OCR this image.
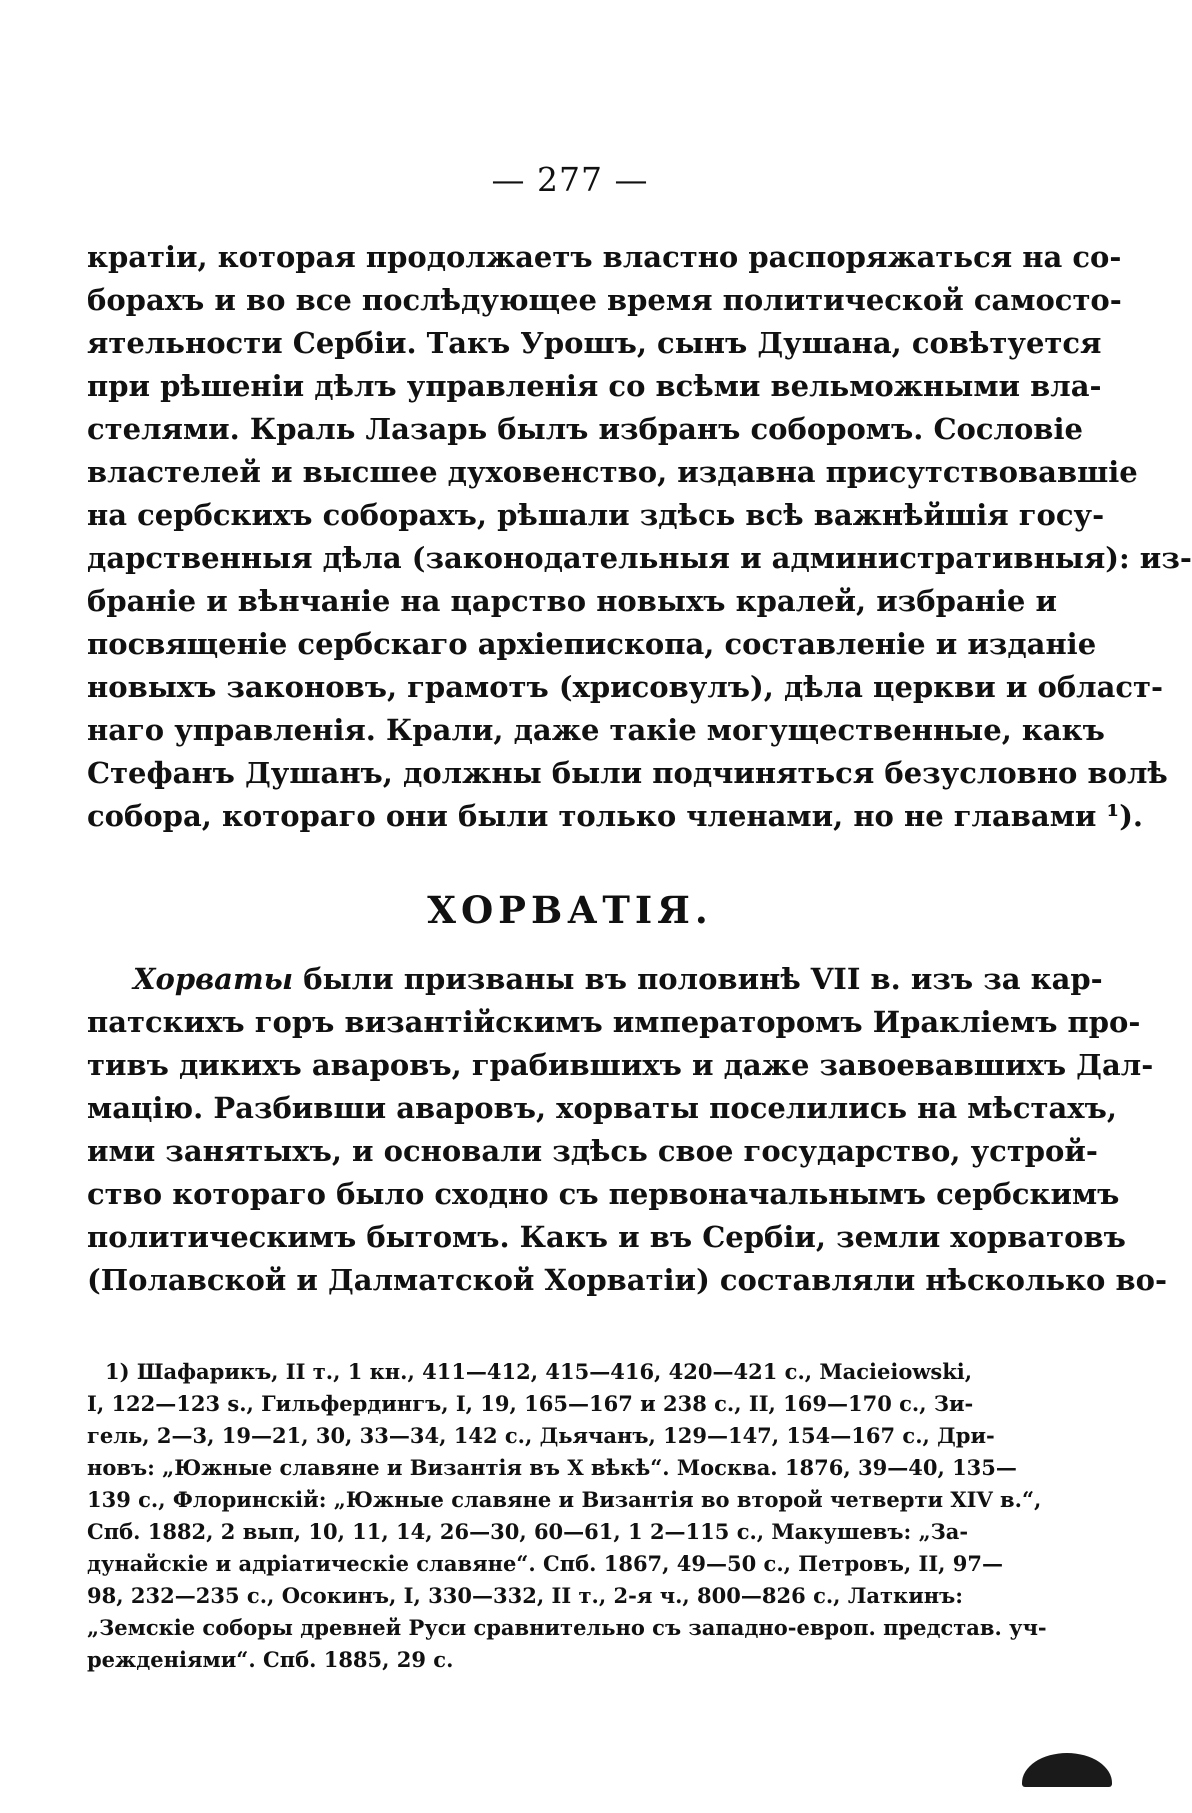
— 277 —
кратіи, которая продолжаетъ властно распоряжаться на со-
борахъ и во все послѣдующее время политической самосто-
ятельности Сербіи. Такъ Урошъ, сынъ Душана, совѣтуется
при рѣшеніи дѣлъ управленія со всѣми вельможными вла-
стелями. Краль Лазарь былъ избранъ соборомъ. Сословіе
властелей и высшее духовенство, издавна присутствовавшіе
на сербскихъ соборахъ, рѣшали здѣсь всѣ важнѣйшія госу-
дарственныя дѣла (законодательныя и административныя): из-
браніе и вѣнчаніе на царство новыхъ кралей, избраніе и
посвященіе сербскаго архіепископа, составленіе и изданіе
новыхъ законовъ, грамотъ (хрисовулъ), дѣла церкви и област-
наго управленія. Крали, даже такіе могущественные, какъ
Стефанъ Душанъ, должны были подчиняться безусловно волѣ
собора, котораго они были только членами, но не главами ¹).
ХОРВАТІЯ.
Хорваты были призваны въ половинѣ VII в. изъ за кар-
патскихъ горъ византійскимъ императоромъ Иракліемъ про-
тивъ дикихъ аваровъ, грабившихъ и даже завоевавшихъ Дал-
мацію. Разбивши аваровъ, хорваты поселились на мѣстахъ,
ими занятыхъ, и основали здѣсь свое государство, устрой-
ство котораго было сходно съ первоначальнымъ сербскимъ
политическимъ бытомъ. Какъ и въ Сербіи, земли хорватовъ
(Полавской и Далматской Хорватіи) составляли нѣсколько во-
1) Шафарикъ, II т., 1 кн., 411—412, 415—416, 420—421 с., Macieiowski,
I, 122—123 s., Гильфердингъ, I, 19, 165—167 и 238 с., II, 169—170 с., Зи-
гель, 2—3, 19—21, 30, 33—34, 142 с., Дьячанъ, 129—147, 154—167 с., Дри-
новъ: „Южные славяне и Византія въ X вѣкѣ“. Москва. 1876, 39—40, 135—
139 с., Флоринскій: „Южные славяне и Византія во второй четверти XIV в.“,
Спб. 1882, 2 вып, 10, 11, 14, 26—30, 60—61, 1 2—115 с., Макушевъ: „За-
дунайскіе и адріатическіе славяне“. Спб. 1867, 49—50 с., Петровъ, II, 97—
98, 232—235 с., Осокинъ, I, 330—332, II т., 2-я ч., 800—826 с., Латкинъ:
„Земскіе соборы древней Руси сравнительно съ западно-европ. представ. уч-
реждeніями“. Спб. 1885, 29 с.
